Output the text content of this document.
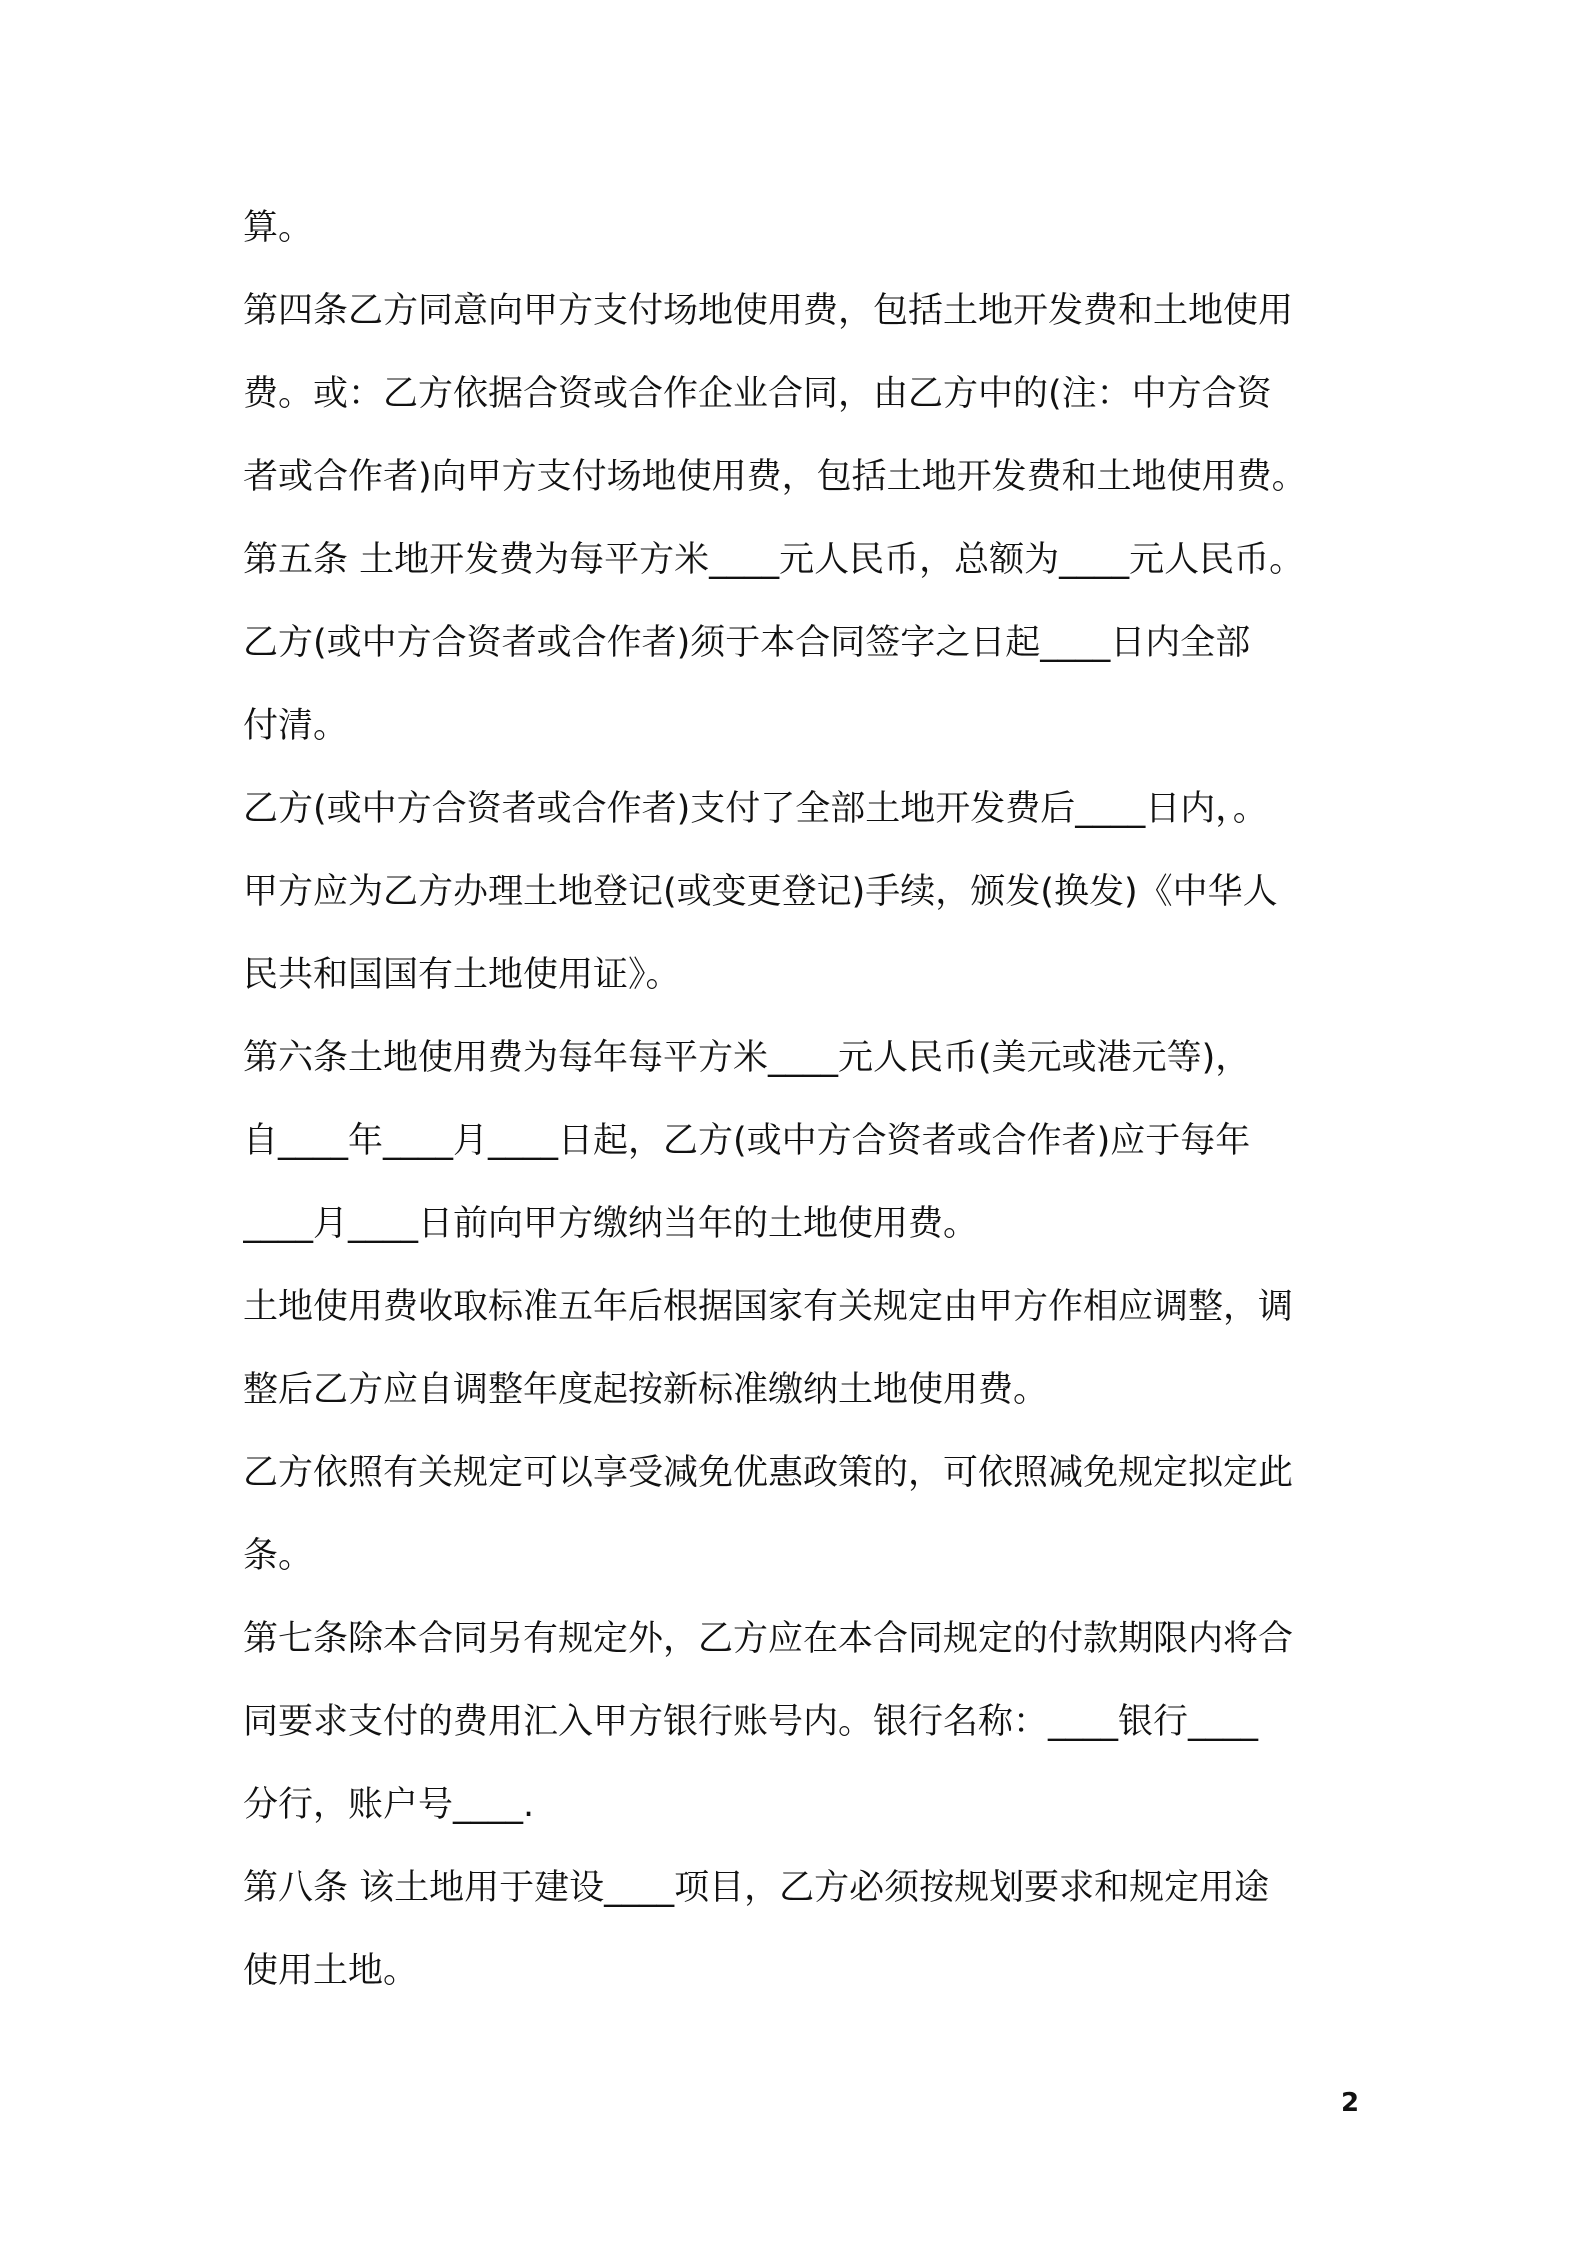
算。
第四条乙方同意向甲方支付场地使用费，包括土地开发费和土地使用
费。或：乙方依据合资或合作企业合同，由乙方中的(注：中方合资
者或合作者)向甲方支付场地使用费，包括土地开发费和土地使用费。
第五条 土地开发费为每平方米____元人民币，总额为____元人民币。
乙方(或中方合资者或合作者)须于本合同签字之日起____日内全部
付清。
乙方(或中方合资者或合作者)支付了全部土地开发费后____日内，。
甲方应为乙方办理土地登记(或变更登记)手续，颁发(换发)《中华人
民共和国国有土地使用证》。
第六条土地使用费为每年每平方米____元人民币(美元或港元等)，
自____年____月____日起，乙方(或中方合资者或合作者)应于每年
____月____日前向甲方缴纳当年的土地使用费。
土地使用费收取标准五年后根据国家有关规定由甲方作相应调整，调
整后乙方应自调整年度起按新标准缴纳土地使用费。
乙方依照有关规定可以享受减免优惠政策的，可依照减免规定拟定此
条。
第七条除本合同另有规定外，乙方应在本合同规定的付款期限内将合
同要求支付的费用汇入甲方银行账号内。银行名称：____银行____
分行，账户号____.
第八条 该土地用于建设____项目，乙方必须按规划要求和规定用途
使用土地。
2
